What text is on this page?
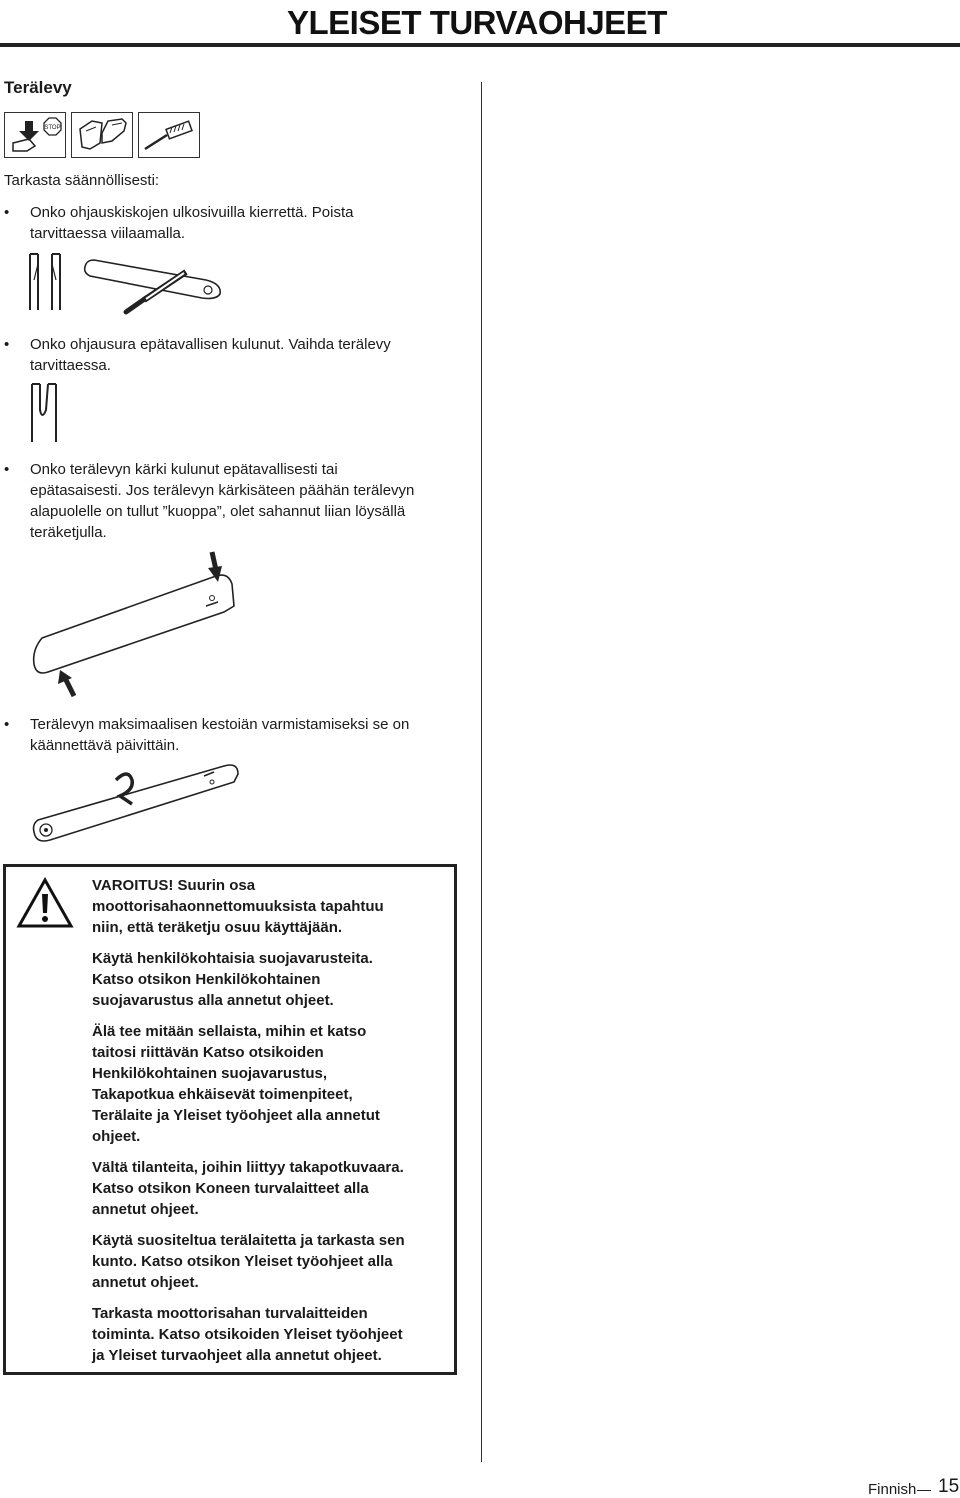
YLEISET TURVAOHJEET
Terälevy
STOP

Tarkasta säännöllisesti:

• Onko ohjauskiskojen ulkosivuilla kierrettä. Poista
tarvittaessa viilaamalla.
• Onko ohjausura epätavallisen kulunut. Vaihda terälevy
tarvittaessa.
• Onko terälevyn kärki kulunut epätavallisesti tai
epätasaisesti. Jos terälevyn kärkisäteen päähän terälevyn
alapuolelle on tullut ”kuoppa”, olet sahannut liian löysällä
teräketjulla.
• Terälevyn maksimaalisen kestoiän varmistamiseksi se on
käännettävä päivittäin.

VAROITUS! Suurin osa
moottorisahaonnettomuuksista tapahtuu
niin, että teräketju osuu käyttäjään.

Käytä henkilökohtaisia suojavarusteita.
Katso otsikon Henkilökohtainen
suojavarustus alla annetut ohjeet.

Älä tee mitään sellaista, mihin et katso
taitosi riittävän Katso otsikoiden
Henkilökohtainen suojavarustus,
Takapotkua ehkäisevät toimenpiteet,
Terälaite ja Yleiset työohjeet alla annetut
ohjeet.

Vältä tilanteita, joihin liittyy takapotkuvaara.
Katso otsikon Koneen turvalaitteet alla
annetut ohjeet.

Käytä suositeltua terälaitetta ja tarkasta sen
kunto. Katso otsikon Yleiset työohjeet alla
annetut ohjeet.

Tarkasta moottorisahan turvalaitteiden
toiminta. Katso otsikoiden Yleiset työohjeet
ja Yleiset turvaohjeet alla annetut ohjeet.

Finnish 15
